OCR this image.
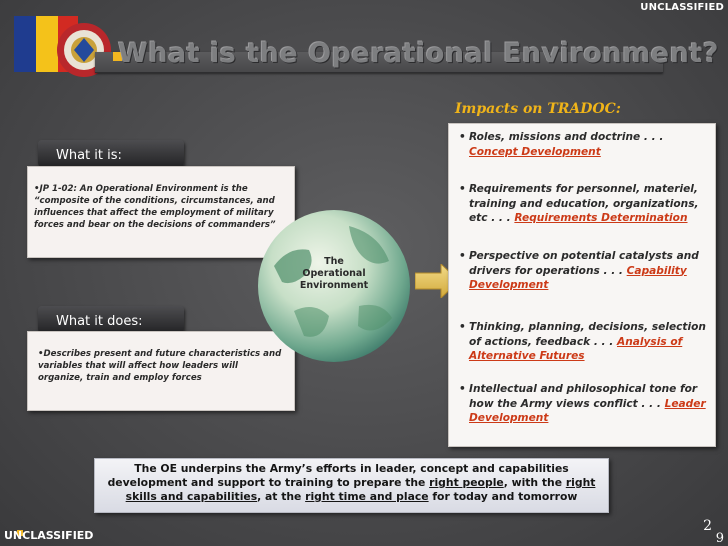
UNCLASSIFIED
What is the Operational Environment?
What it is:
•JP 1-02: An Operational Environment is the “composite of the conditions, circumstances, and influences that affect the employment of military forces and bear on the decisions of commanders”
What it does:
•Describes present and future characteristics and variables that will affect how leaders will organize, train and employ forces
The
Operational
Environment
Impacts on TRADOC:
• Roles, missions and doctrine . . . Concept Development
• Requirements for personnel, materiel, training and education, organizations, etc . . . Requirements Determination
• Perspective on potential catalysts and drivers for operations . . . Capability Development
• Thinking, planning, decisions, selection of actions, feedback . . . Analysis of Alternative Futures
• Intellectual and philosophical tone for how the Army views conflict . . . Leader Development
The OE underpins the Army’s efforts in leader, concept and capabilities development and support to training to prepare the right people, with the right skills and capabilities, at the right time and place for today and tomorrow
UNCLASSIFIED
2
9
